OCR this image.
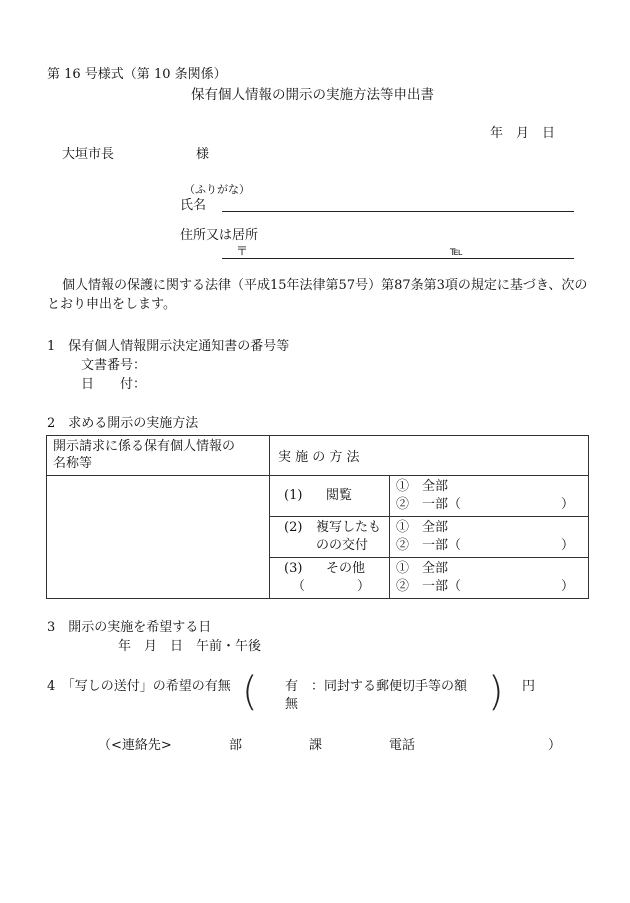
第 16 号様式（第 10 条関係）
保有個人情報の開示の実施方法等申出書
年　月　日
大垣市長	様
（ふりがな）
氏名
住所又は居所
〒	℡
個人情報の保護に関する法律（平成15年法律第57号）第87条第3項の規定に基づき、次の
とおり申出をします。
1　保有個人情報開示決定通知書の番号等
文書番号：
日　　付：
2　求める開示の実施方法
開示請求に係る保有個人情報の
名称等	実 施 の 方 法	

	(1) 閲覧	①　全部
②　一部（ ）

	(2) 複写したも
のの交付	①　全部
②　一部（ ）

	(3) その他
（　　　　）	①　全部
②　一部（ ）
3　開示の実施を希望する日
年　月　日　午前・午後
4　「写しの送付」の希望の有無 ( 有　：同封する郵便切手等の額
無	) 円
（<連絡先>	部	課	電話	）
